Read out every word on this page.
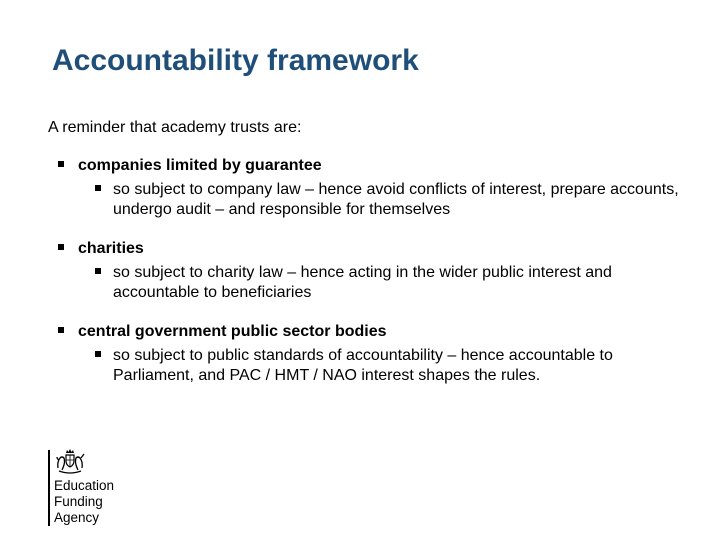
Accountability framework
A reminder that academy trusts are:
companies limited by guarantee
so subject to company law – hence avoid conflicts of interest, prepare accounts, undergo audit – and responsible for themselves
charities
so subject to charity law – hence acting in the wider public interest and accountable to beneficiaries
central government public sector bodies
so subject to public standards of accountability – hence accountable to Parliament, and PAC / HMT / NAO interest shapes the rules.
Education
Funding
Agency
